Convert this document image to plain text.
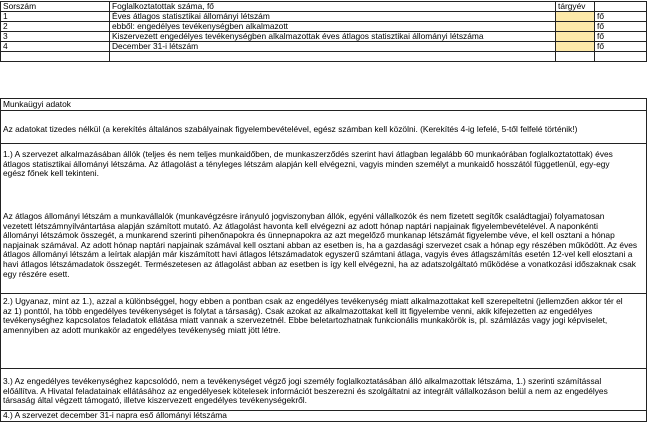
Sorszám	Foglalkoztatottak száma, fő	tárgyév
1	Éves átlagos statisztikai állományi létszám	fő
2	ebből: engedélyes tevékenységben alkalmazott	fő
3	Kiszervezett engedélyes tevékenységben alkalmazottak éves átlagos statisztikai állományi létszáma	fő
4	December 31-i létszám	fő
Munkaügyi adatok
Az adatokat tizedes nélkül (a kerekítés általános szabályainak figyelembevételével, egész számban kell közölni. (Kerekítés 4-ig lefelé, 5-től felfelé történik!)
1.) A szervezet alkalmazásában állók (teljes és nem teljes munkaidőben, de munkaszerződés szerint havi átlagban legalább 60 munkaórában foglalkoztatottak) éves
átlagos statisztikai állományi létszáma. Az átlagolást a tényleges létszám alapján kell elvégezni, vagyis minden személyt a munkaidő hosszától függetlenül, egy-egy
egész főnek kell tekinteni.
Az átlagos állományi létszám a munkavállalók (munkavégzésre irányuló jogviszonyban állók, egyéni vállalkozók és nem fizetett segítők családtagjai) folyamatosan
vezetett létszámnyilvántartása alapján számított mutató. Az átlagolást havonta kell elvégezni az adott hónap naptári napjainak figyelembevételével. A naponkénti
állományi létszámok összegét, a munkarend szerinti pihenőnapokra és ünnepnapokra az azt megelőző munkanap létszámát figyelembe véve, el kell osztani a hónap
napjainak számával. Az adott hónap naptári napjainak számával kell osztani abban az esetben is, ha a gazdasági szervezet csak a hónap egy részében működött. Az éves
átlagos állományi létszám a leírtak alapján már kiszámított havi átlagos létszámadatok egyszerű számtani átlaga, vagyis éves átlagszámítás esetén 12-vel kell elosztani a
havi átlagos létszámadatok összegét. Természetesen az átlagolást abban az esetben is így kell elvégezni, ha az adatszolgáltató működése a vonatkozási időszaknak csak
egy részére esett.
2.) Ugyanaz, mint az 1.), azzal a különbséggel, hogy ebben a pontban csak az engedélyes tevékenység miatt alkalmazottakat kell szerepeltetni (jellemzően akkor tér el
az 1) ponttól, ha több engedélyes tevékenységet is folytat a társaság). Csak azokat az alkalmazottakat kell itt figyelembe venni, akik kifejezetten az engedélyes
tevékenységhez kapcsolatos feladatok ellátása miatt vannak a szervezetnél. Ebbe beletartozhatnak funkcionális munkakörök is, pl. számlázás vagy jogi képviselet,
amennyiben az adott munkakör az engedélyes tevékenység miatt jött létre.
3.) Az engedélyes tevékenységhez kapcsolódó, nem a tevékenységet végző jogi személy foglalkoztatásában álló alkalmazottak létszáma, 1.) szerinti számítással
előállítva. A Hivatal feladatainak ellátásához az engedélyesek kötelesek információt beszerezni és szolgáltatni az integrált vállalkozáson belül a nem az engedélyes
társaság által végzett támogató, illetve kiszervezett engedélyes tevékenységekről.
4.) A szervezet december 31-i napra eső állományi létszáma
